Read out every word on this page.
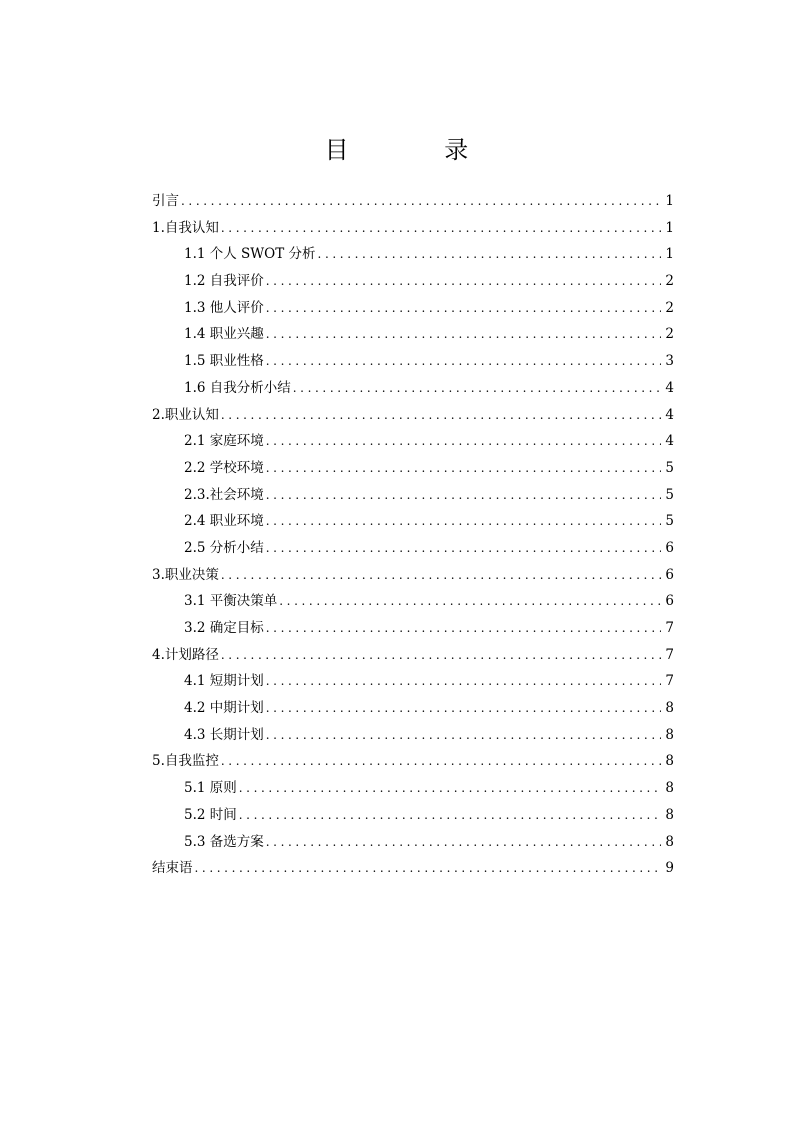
目 录
引言 .....	1
1.自我认知 .....	1
1.1 个人 SWOT 分析 .....	1
1.2 自我评价 .....	2
1.3 他人评价 .....	2
1.4 职业兴趣 .....	2
1.5 职业性格 .....	3
1.6 自我分析小结 .....	4
2.职业认知 .....	4
2.1 家庭环境 .....	4
2.2 学校环境 .....	5
2.3.社会环境 .....	5
2.4 职业环境 .....	5
2.5 分析小结 .....	6
3.职业决策 .....	6
3.1 平衡决策单 .....	6
3.2 确定目标 .....	7
4.计划路径 .....	7
4.1 短期计划 .....	7
4.2 中期计划 .....	8
4.3 长期计划 .....	8
5.自我监控 .....	8
5.1 原则 .....	8
5.2 时间 .....	8
5.3 备选方案 .....	8
结束语 .....	9
